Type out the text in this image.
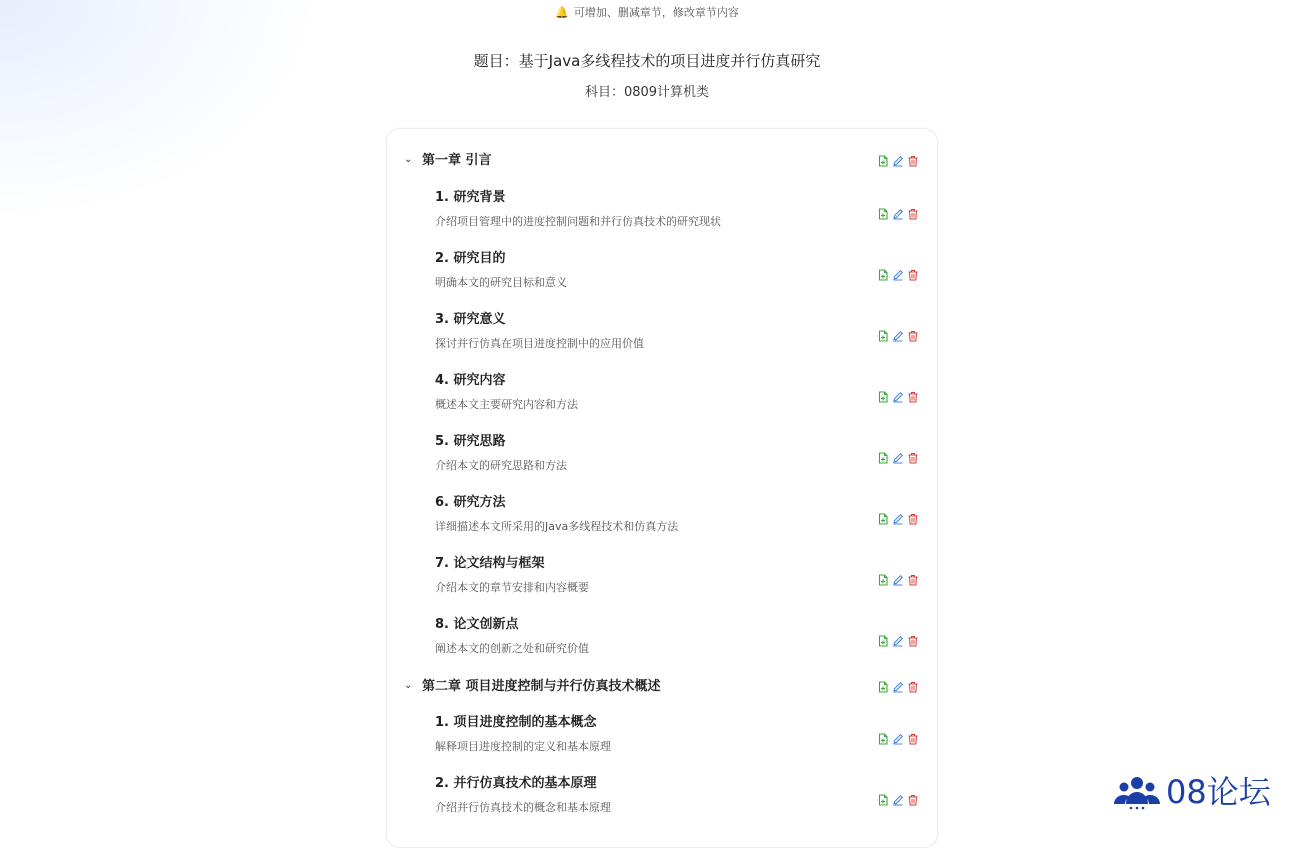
🔔 可增加、删减章节，修改章节内容
题目：基于Java多线程技术的项目进度并行仿真研究
科目：0809计算机类
⌄ 第一章 引言
1. 研究背景
介绍项目管理中的进度控制问题和并行仿真技术的研究现状
2. 研究目的
明确本文的研究目标和意义
3. 研究意义
探讨并行仿真在项目进度控制中的应用价值
4. 研究内容
概述本文主要研究内容和方法
5. 研究思路
介绍本文的研究思路和方法
6. 研究方法
详细描述本文所采用的Java多线程技术和仿真方法
7. 论文结构与框架
介绍本文的章节安排和内容概要
8. 论文创新点
阐述本文的创新之处和研究价值
⌄ 第二章 项目进度控制与并行仿真技术概述
1. 项目进度控制的基本概念
解释项目进度控制的定义和基本原理
2. 并行仿真技术的基本原理
介绍并行仿真技术的概念和基本原理	08论坛
